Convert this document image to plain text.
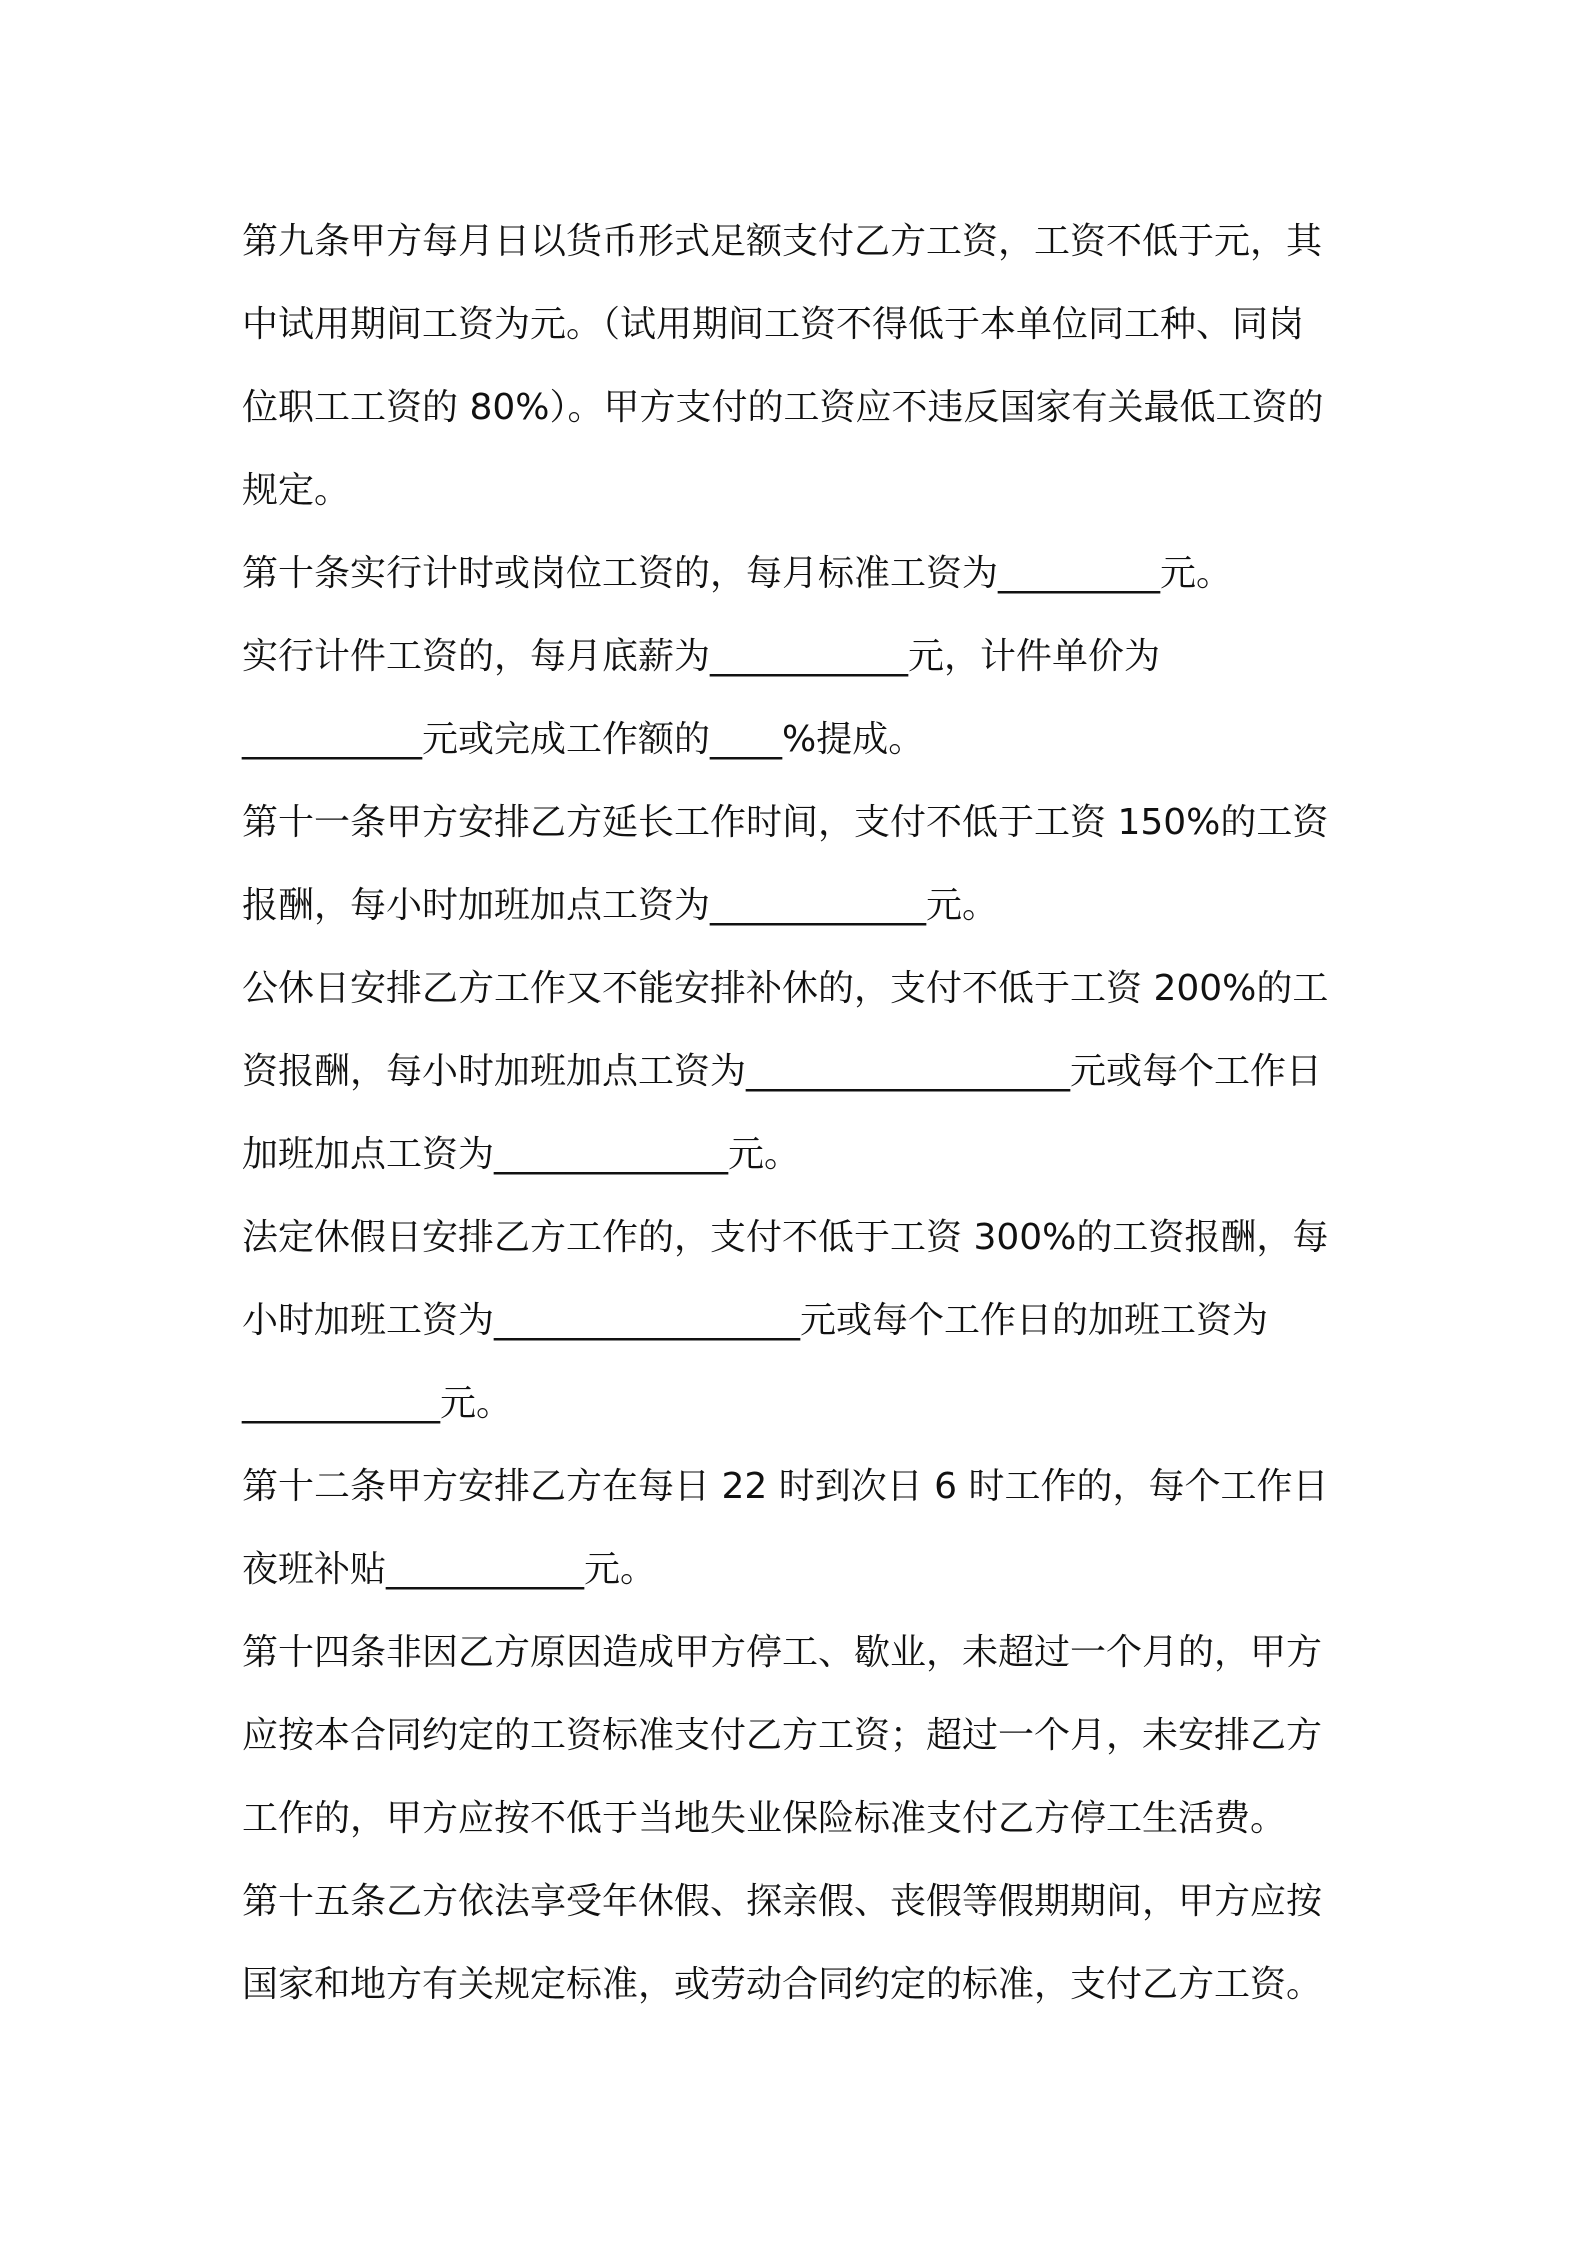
第九条甲方每月日以货币形式足额支付乙方工资，工资不低于元，其
中试用期间工资为元。（试用期间工资不得低于本单位同工种、同岗
位职工工资的 80%）。甲方支付的工资应不违反国家有关最低工资的
规定。
第十条实行计时或岗位工资的，每月标准工资为_________元。
实行计件工资的，每月底薪为___________元，计件单价为
__________元或完成工作额的____%提成。
第十一条甲方安排乙方延长工作时间，支付不低于工资 150%的工资
报酬，每小时加班加点工资为____________元。
公休日安排乙方工作又不能安排补休的，支付不低于工资 200%的工
资报酬，每小时加班加点工资为__________________元或每个工作日
加班加点工资为_____________元。
法定休假日安排乙方工作的，支付不低于工资 300%的工资报酬，每
小时加班工资为_________________元或每个工作日的加班工资为
___________元。
第十二条甲方安排乙方在每日 22 时到次日 6 时工作的，每个工作日
夜班补贴___________元。
第十四条非因乙方原因造成甲方停工、歇业，未超过一个月的，甲方
应按本合同约定的工资标准支付乙方工资；超过一个月，未安排乙方
工作的，甲方应按不低于当地失业保险标准支付乙方停工生活费。
第十五条乙方依法享受年休假、探亲假、丧假等假期期间，甲方应按
国家和地方有关规定标准，或劳动合同约定的标准，支付乙方工资。
